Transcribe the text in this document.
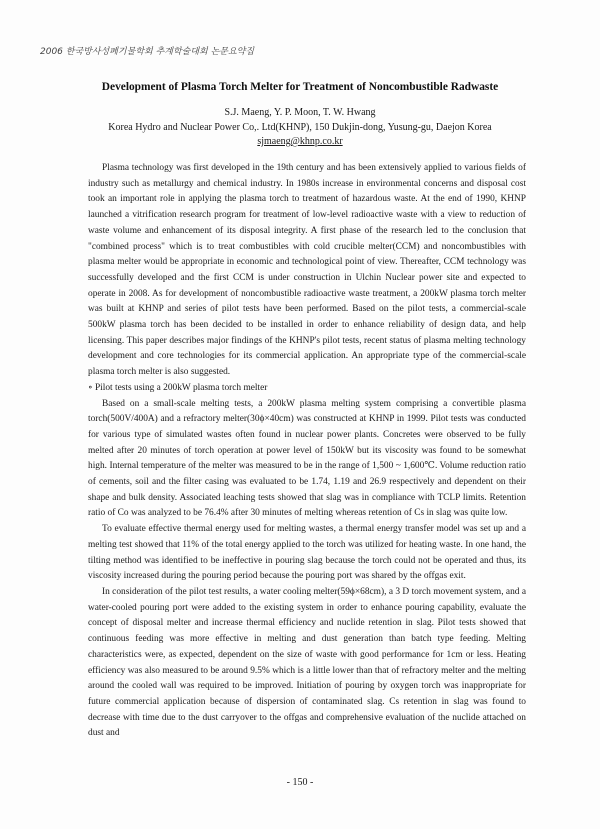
2006 한국방사성폐기물학회 추계학술대회 논문요약집
Development of Plasma Torch Melter for Treatment of Noncombustible Radwaste
S.J. Maeng, Y. P. Moon, T. W. Hwang
Korea Hydro and Nuclear Power Co,. Ltd(KHNP), 150 Dukjin-dong, Yusung-gu, Daejon Korea
sjmaeng@khnp.co.kr

Plasma technology was first developed in the 19th century and has been extensively applied to various fields of industry such as metallurgy and chemical industry. In 1980s increase in environmental concerns and disposal cost took an important role in applying the plasma torch to treatment of hazardous waste. At the end of 1990, KHNP launched a vitrification research program for treatment of low-level radioactive waste with a view to reduction of waste volume and enhancement of its disposal integrity. A first phase of the research led to the conclusion that "combined process" which is to treat combustibles with cold crucible melter(CCM) and noncombustibles with plasma melter would be appropriate in economic and technological point of view. Thereafter, CCM technology was successfully developed and the first CCM is under construction in Ulchin Nuclear power site and expected to operate in 2008. As for development of noncombustible radioactive waste treatment, a 200kW plasma torch melter was built at KHNP and series of pilot tests have been performed. Based on the pilot tests, a commercial-scale 500kW plasma torch has been decided to be installed in order to enhance reliability of design data, and help licensing. This paper describes major findings of the KHNP's pilot tests, recent status of plasma melting technology development and core technologies for its commercial application. An appropriate type of the commercial-scale plasma torch melter is also suggested.

∘ Pilot tests using a 200kW plasma torch melter

Based on a small-scale melting tests, a 200kW plasma melting system comprising a convertible plasma torch(500V/400A) and a refractory melter(30ϕ×40cm) was constructed at KHNP in 1999. Pilot tests was conducted for various type of simulated wastes often found in nuclear power plants. Concretes were observed to be fully melted after 20 minutes of torch operation at power level of 150kW but its viscosity was found to be somewhat high. Internal temperature of the melter was measured to be in the range of 1,500 ~ 1,600℃. Volume reduction ratio of cements, soil and the filter casing was evaluated to be 1.74, 1.19 and 26.9 respectively and dependent on their shape and bulk density. Associated leaching tests showed that slag was in compliance with TCLP limits. Retention ratio of Co was analyzed to be 76.4% after 30 minutes of melting whereas retention of Cs in slag was quite low.

To evaluate effective thermal energy used for melting wastes, a thermal energy transfer model was set up and a melting test showed that 11% of the total energy applied to the torch was utilized for heating waste. In one hand, the tilting method was identified to be ineffective in pouring slag because the torch could not be operated and thus, its viscosity increased during the pouring period because the pouring port was shared by the offgas exit.

In consideration of the pilot test results, a water cooling melter(59ϕ×68cm), a 3 D torch movement system, and a water-cooled pouring port were added to the existing system in order to enhance pouring capability, evaluate the concept of disposal melter and increase thermal efficiency and nuclide retention in slag. Pilot tests showed that continuous feeding was more effective in melting and dust generation than batch type feeding. Melting characteristics were, as expected, dependent on the size of waste with good performance for 1cm or less. Heating efficiency was also measured to be around 9.5% which is a little lower than that of refractory melter and the melting around the cooled wall was required to be improved. Initiation of pouring by oxygen torch was inappropriate for future commercial application because of dispersion of contaminated slag. Cs retention in slag was found to decrease with time due to the dust carryover to the offgas and comprehensive evaluation of the nuclide attached on dust and

- 150 -
